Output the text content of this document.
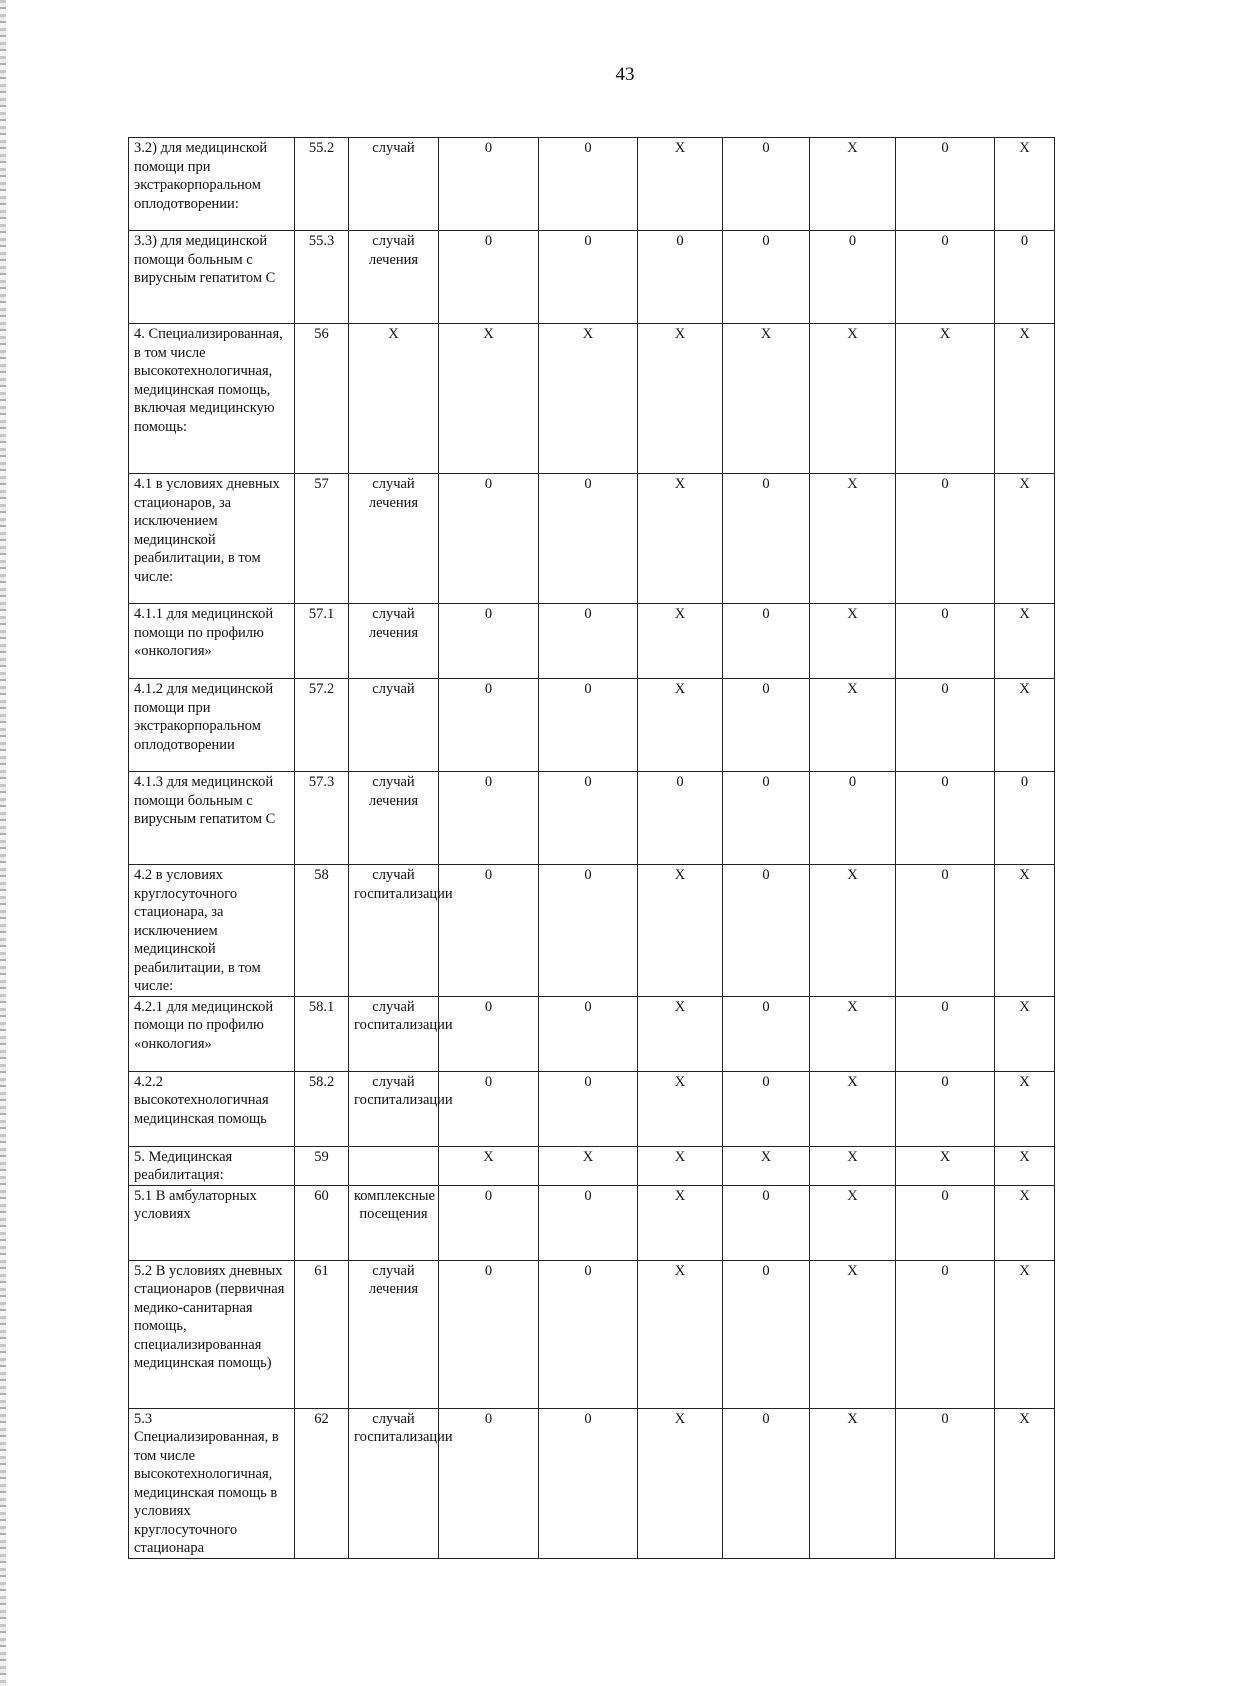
43
3.2) для медицинской помощи при экстракорпоральном оплодотворении:	55.2	случай	0	0	X	0	X	0	X
3.3) для медицинской помощи больным с вирусным гепатитом С	55.3	случай лечения	0	0	0	0	0	0	0
4. Специализированная, в том числе высокотехнологичная, медицинская помощь, включая медицинскую помощь:	56	X	X	X	X	X	X	X	X
4.1 в условиях дневных стационаров, за исключением медицинской реабилитации, в том числе:	57	случай лечения	0	0	X	0	X	0	X
4.1.1 для медицинской помощи по профилю «онкология»	57.1	случай лечения	0	0	X	0	X	0	X
4.1.2 для медицинской помощи при экстракорпоральном оплодотворении	57.2	случай	0	0	X	0	X	0	X
4.1.3 для медицинской помощи больным с вирусным гепатитом С	57.3	случай лечения	0	0	0	0	0	0	0
4.2 в условиях круглосуточного стационара, за исключением медицинской реабилитации, в том числе:	58	случай госпитализации	0	0	X	0	X	0	X
4.2.1 для медицинской помощи по профилю «онкология»	58.1	случай госпитализации	0	0	X	0	X	0	X
4.2.2 высокотехнологичная медицинская помощь	58.2	случай госпитализации	0	0	X	0	X	0	X
5. Медицинская реабилитация:	59		X	X	X	X	X	X	X
5.1 В амбулаторных условиях	60	комплексные посещения	0	0	X	0	X	0	X
5.2 В условиях дневных стационаров (первичная медико-санитарная помощь, специализированная медицинская помощь)	61	случай лечения	0	0	X	0	X	0	X
5.3 Специализированная, в том числе высокотехнологичная, медицинская помощь в условиях круглосуточного стационара	62	случай госпитализации	0	0	X	0	X	0	X
